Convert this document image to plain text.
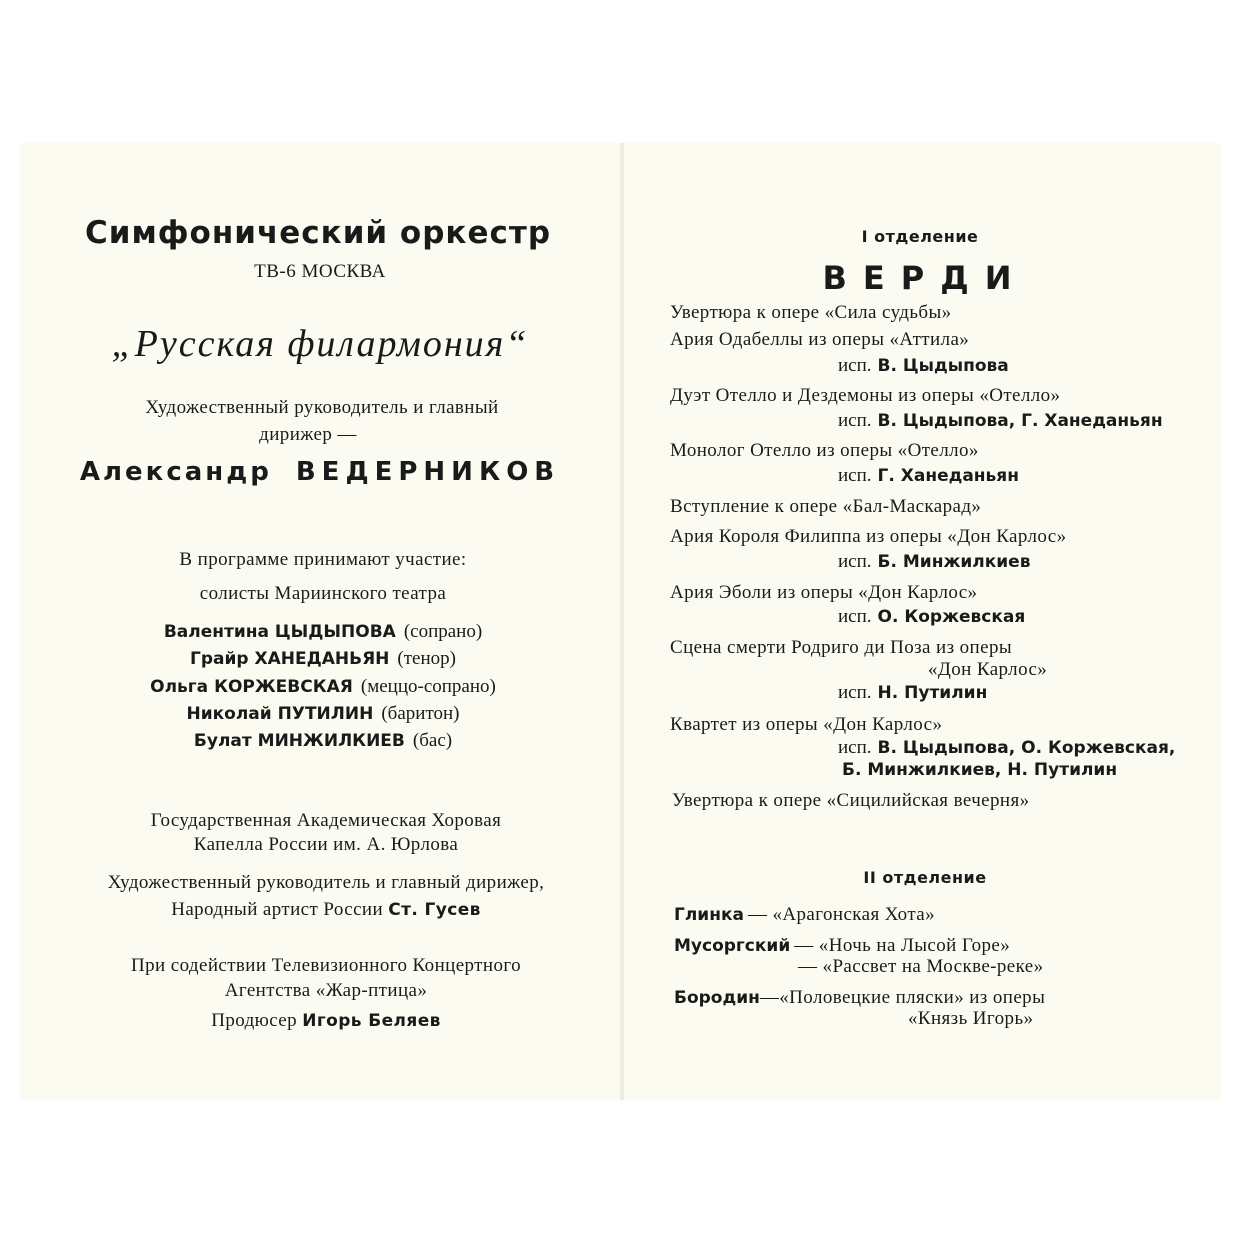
Симфонический оркестр
ТВ-6 МОСКВА
„Русская филармония“
Художественный руководитель и главный
дирижер —
Александр ВЕДЕРНИКОВ
В программе принимают участие:
солисты Мариинского театра
Валентина ЦЫДЫПОВА (сопрано)
Грайр ХАНЕДАНЬЯН (тенор)
Ольга КОРЖЕВСКАЯ (меццо-сопрано)
Николай ПУТИЛИН (баритон)
Булат МИНЖИЛКИЕВ (бас)
Государственная Академическая Хоровая
Капелла России им. А. Юрлова
Художественный руководитель и главный дирижер,
Народный артист России Ст. Гусев
При содействии Телевизионного Концертного
Агентства «Жар-птица»
Продюсер Игорь Беляев
I отделение
ВЕРДИ
Увертюра к опере «Сила судьбы»
Ария Одабеллы из оперы «Аттила»
исп. В. Цыдыпова
Дуэт Отелло и Дездемоны из оперы «Отелло»
исп. В. Цыдыпова, Г. Ханеданьян
Монолог Отелло из оперы «Отелло»
исп. Г. Ханеданьян
Вступление к опере «Бал-Маскарад»
Ария Короля Филиппа из оперы «Дон Карлос»
исп. Б. Минжилкиев
Ария Эболи из оперы «Дон Карлос»
исп. О. Коржевская
Сцена смерти Родриго ди Поза из оперы
«Дон Карлос»
исп. Н. Путилин
Квартет из оперы «Дон Карлос»
исп. В. Цыдыпова, О. Коржевская,
Б. Минжилкиев, Н. Путилин
Увертюра к опере «Сицилийская вечерня»
II отделение
Глинка — «Арагонская Хота»
Мусоргский — «Ночь на Лысой Горе»
— «Рассвет на Москве-реке»
Бородин—«Половецкие пляски» из оперы
«Князь Игорь»
